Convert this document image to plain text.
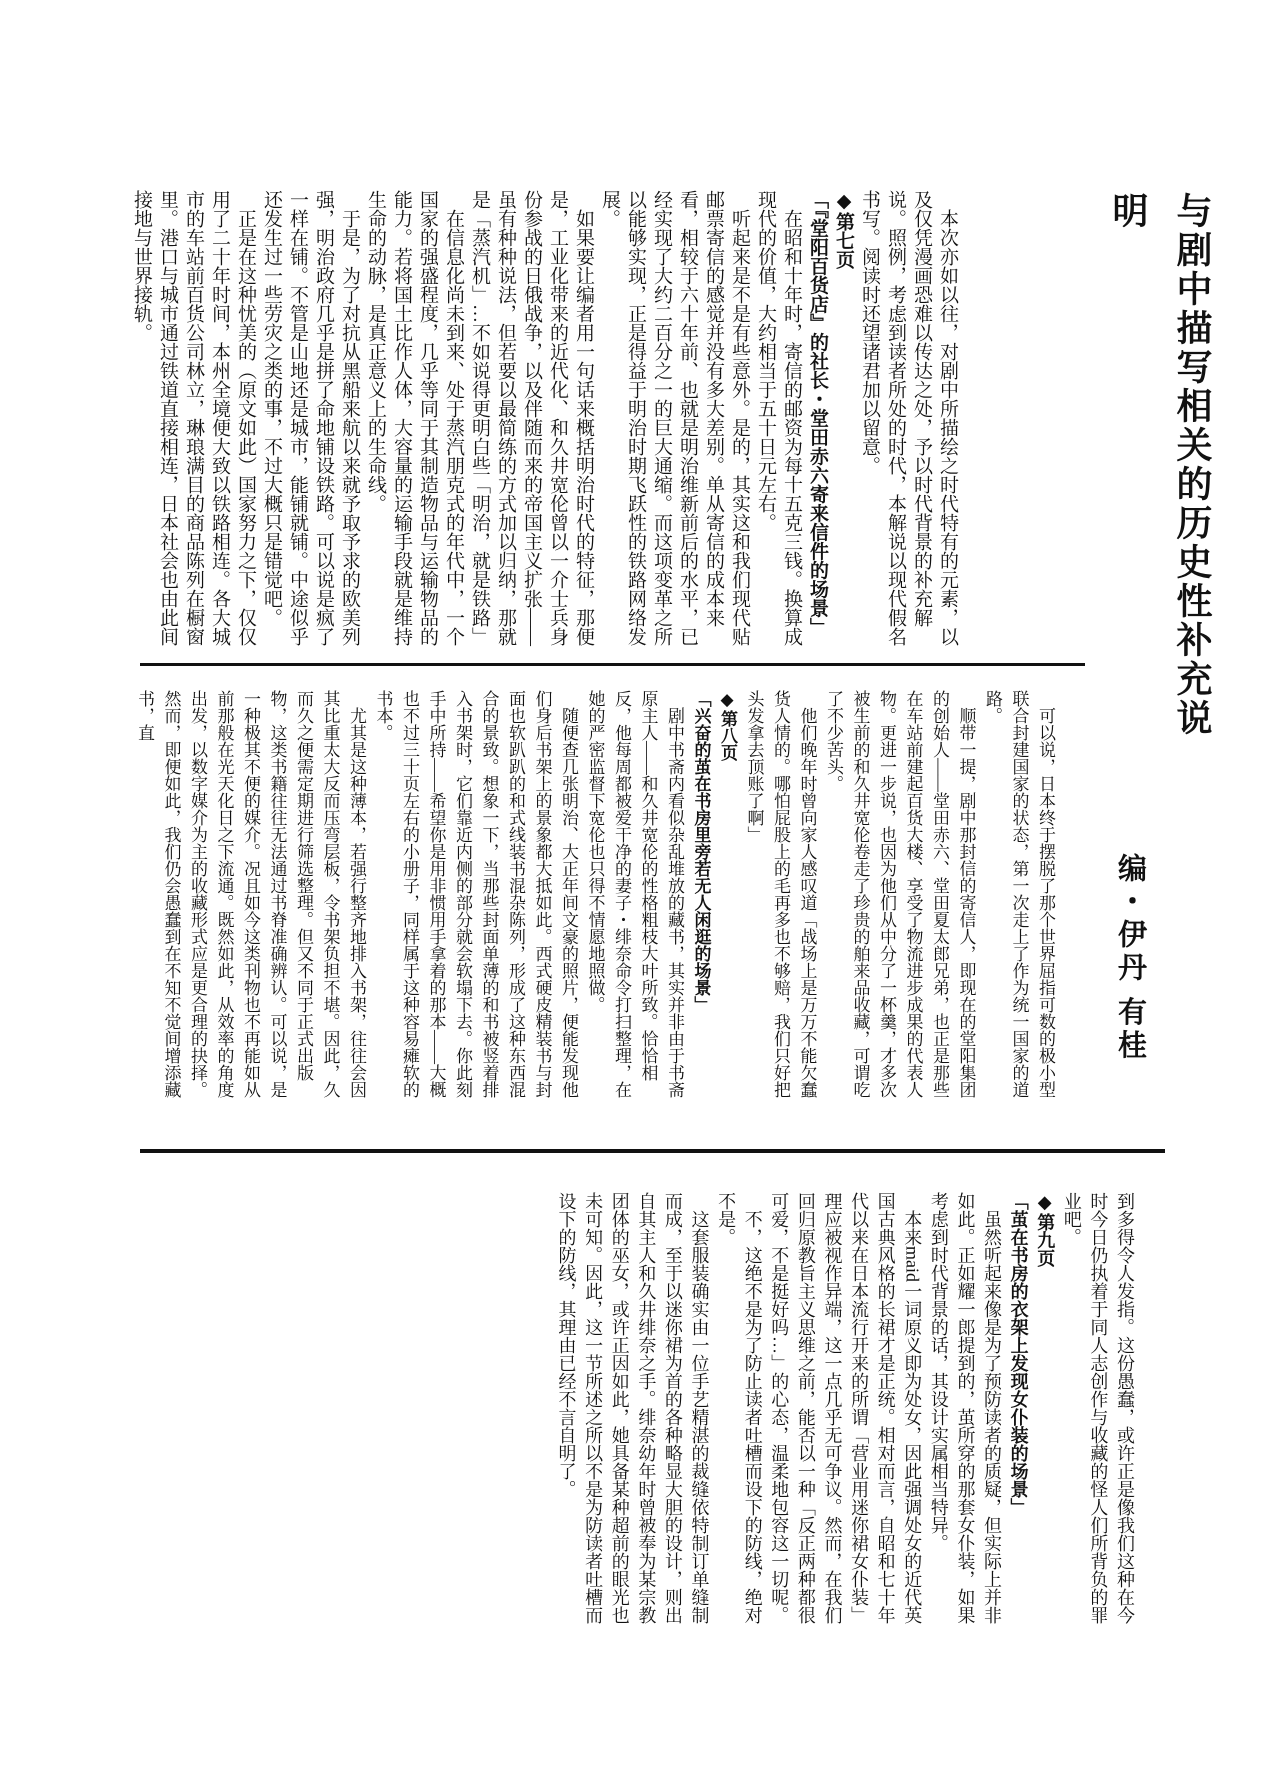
与剧中描写相关的历史性补充说明
编・伊丹 有桂

本次亦如以往，对剧中所描绘之时代特有的元素，以及仅凭漫画恐难以传达之处，予以时代背景的补充解说。照例，考虑到读者所处的时代，本解说以现代假名书写。阅读时还望诸君加以留意。

◆第七页

「『堂阳百货店』的社长・堂田赤六寄来信件的场景」

在昭和十年时，寄信的邮资为每十五克三钱。换算成现代的价值，大约相当于五十日元左右。

听起来是不是有些意外。是的，其实这和我们现代贴邮票寄信的感觉并没有多大差别。单从寄信的成本来看，相较于六十年前、也就是明治维新前后的水平，已经实现了大约二百分之一的巨大通缩。而这项变革之所以能够实现，正是得益于明治时期飞跃性的铁路网络发展。

如果要让编者用一句话来概括明治时代的特征，那便是，工业化带来的近代化、和久井宽伦曾以一介士兵身份参战的日俄战争，以及伴随而来的帝国主义扩张——虽有种种说法，但若要以最简练的方式加以归纳，那就是「蒸汽机」…不如说得更明白些「明治，就是铁路」

在信息化尚未到来、处于蒸汽朋克式的年代中，一个国家的强盛程度，几乎等同于其制造物品与运输物品的能力。若将国土比作人体，大容量的运输手段就是维持生命的动脉，是真正意义上的生命线。

于是，为了对抗从黑船来航以来就予取予求的欧美列强，明治政府几乎是拼了命地铺设铁路。可以说是疯了一样在铺。不管是山地还是城市，能铺就铺。中途似乎还发生过一些劳灾之类的事，不过大概只是错觉吧。

正是在这种忧美的（原文如此）国家努力之下，仅仅用了二十年时间，本州全境便大致以铁路相连。各大城市的车站前百货公司林立，琳琅满目的商品陈列在橱窗里。港口与城市通过铁道直接相连，日本社会也由此间接地与世界接轨。

可以说，日本终于摆脱了那个世界屈指可数的极小型联合封建国家的状态，第一次走上了作为统一国家的道路。

顺带一提，剧中那封信的寄信人，即现在的堂阳集团的创始人——堂田赤六、堂田夏太郎兄弟，也正是那些在车站前建起百货大楼、享受了物流进步成果的代表人物。更进一步说，也因为他们从中分了一杯羹，才多次被生前的和久井宽伦卷走了珍贵的舶来品收藏，可谓吃了不少苦头。

他们晚年时曾向家人感叹道「战场上是万万不能欠蠢货人情的。哪怕屁股上的毛再多也不够赔，我们只好把头发拿去顶账了啊」

◆第八页

「兴奋的茧在书房里旁若无人闲逛的场景」

剧中书斋内看似杂乱堆放的藏书，其实并非由于书斋原主人——和久井宽伦的性格粗枝大叶所致。恰恰相反，他每周都被爱干净的妻子・绯奈命令打扫整理，在她的严密监督下宽伦也只得不情愿地照做。

随便查几张明治、大正年间文豪的照片，便能发现他们身后书架上的景象都大抵如此。西式硬皮精装书与封面也软趴趴的和式线装书混杂陈列，形成了这种东西混合的景致。想象一下，当那些封面单薄的和书被竖着排入书架时，它们靠近内侧的部分就会软塌下去。你此刻手中所持——希望你是用非惯用手拿着的那本——大概也不过三十页左右的小册子，同样属于这种容易瘫软的书本。

尤其是这种薄本，若强行整齐地排入书架，往往会因其比重太大反而压弯层板，令书架负担不堪。因此，久而久之便需定期进行筛选整理。但又不同于正式出版物，这类书籍往往无法通过书脊准确辨认。可以说，是一种极其不便的媒介。况且如今这类刊物也不再能如从前那般在光天化日之下流通。既然如此，从效率的角度出发，以数字媒介为主的收藏形式应是更合理的抉择。然而，即便如此，我们仍会愚蠢到在不知不觉间增添藏书，直

到多得令人发指。这份愚蠢，或许正是像我们这种在今时今日仍执着于同人志创作与收藏的怪人们所背负的罪业吧。

◆第九页

「茧在书房的衣架上发现女仆装的场景」

虽然听起来像是为了预防读者的质疑，但实际上并非如此。正如耀一郎提到的，茧所穿的那套女仆装，如果考虑到时代背景的话，其设计实属相当特异。

本来maid一词原义即为处女，因此强调处女的近代英国古典风格的长裙才是正统。相对而言，自昭和七十年代以来在日本流行开来的所谓「营业用迷你裙女仆装」理应被视作异端，这一点几乎无可争议。然而，在我们回归原教旨主义思维之前，能否以一种「反正两种都很可爱，不是挺好吗…」的心态，温柔地包容这一切呢。

不，这绝不是为了防止读者吐槽而设下的防线，绝对不是。

这套服装确实由一位手艺精湛的裁缝依特制订单缝制而成，至于以迷你裙为首的各种略显大胆的设计，则出自其主人和久井绯奈之手。绯奈幼年时曾被奉为某宗教团体的巫女，或许正因如此，她具备某种超前的眼光也未可知。因此，这一节所述之所以不是为防读者吐槽而设下的防线，其理由已经不言自明了。
